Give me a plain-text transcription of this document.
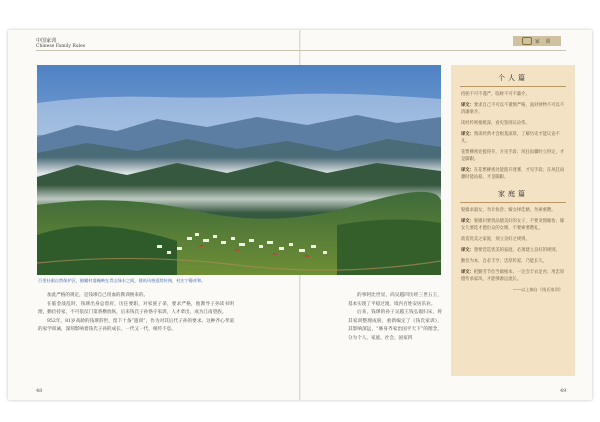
中国家训
Chinese Family Rules
家 训
百里杜鹃自然保护区，俯瞰村落掩映在青山绿水之间，建筑风格延续传统，村庄宁静祥和。

加此严格的规定，是钱璆自己用血的教训换来的。

在临金战乱时，钱璆出身总督府，历任要职，对家族子弟，要求严格，他教导子孙读书明理，勤俭持家，不可依仗门第骄横放纵，后来钱氏子孙恪守家训，人才辈出，成为江南望族。

952年，81岁高龄的钱璆辞世，留下十条“遗训”，作为对其后代子孙的要求。这种齐心孝道的家学训诫，深刻影响着钱氏子孙的成长，一代又一代，相传不息。

的事阿比世显，尚吴越四历经三世五王，基本实现了平稳过渡，境内百姓安居乐业。

后来，钱璆的孙子吴越王钱弘俶归宋，将其家训整理成册，重新编定了《钱氏家训》，其影响深远，“修身齐家治国平天下”的理念，分为个人、家庭、社会、国家四

个人篇
持躬不可不谨严，临财不可不廉介。
译文：要求自己不可以不谨慎严格，面对财物不可以不清廉耿介。
读经传则根柢深，看史鉴则议论伟。
译文：熟读经典才会根基深厚，了解历史才能议论不凡。
花繁柳密处拨得开，方见手段；风狂雨骤时立得定，才是脚跟。
译文：在花繁柳密处能拨开迷雾，才见手段；在风狂雨骤时能站稳，才是脚跟。
家庭篇
娶媳求淑女，勿计妆奁；嫁女择佳婿，勿索重聘。
译文：娶媳妇要找品德美好的女子，不要贪图嫁妆；嫁女儿要选才德出众的女婿，不要索要聘礼。
欲造优美之家庭，须立良好之规则。
译文：想要营造优美的家庭，必须建立良好的规则。
勤俭为本，自必丰亨；忠厚传家，乃能长久。
译文：把勤劳节俭当做根本，一定会丰衣足食；用忠厚德传承家风，才能够源远流长。
——以上摘自《钱氏家训》
48	49
